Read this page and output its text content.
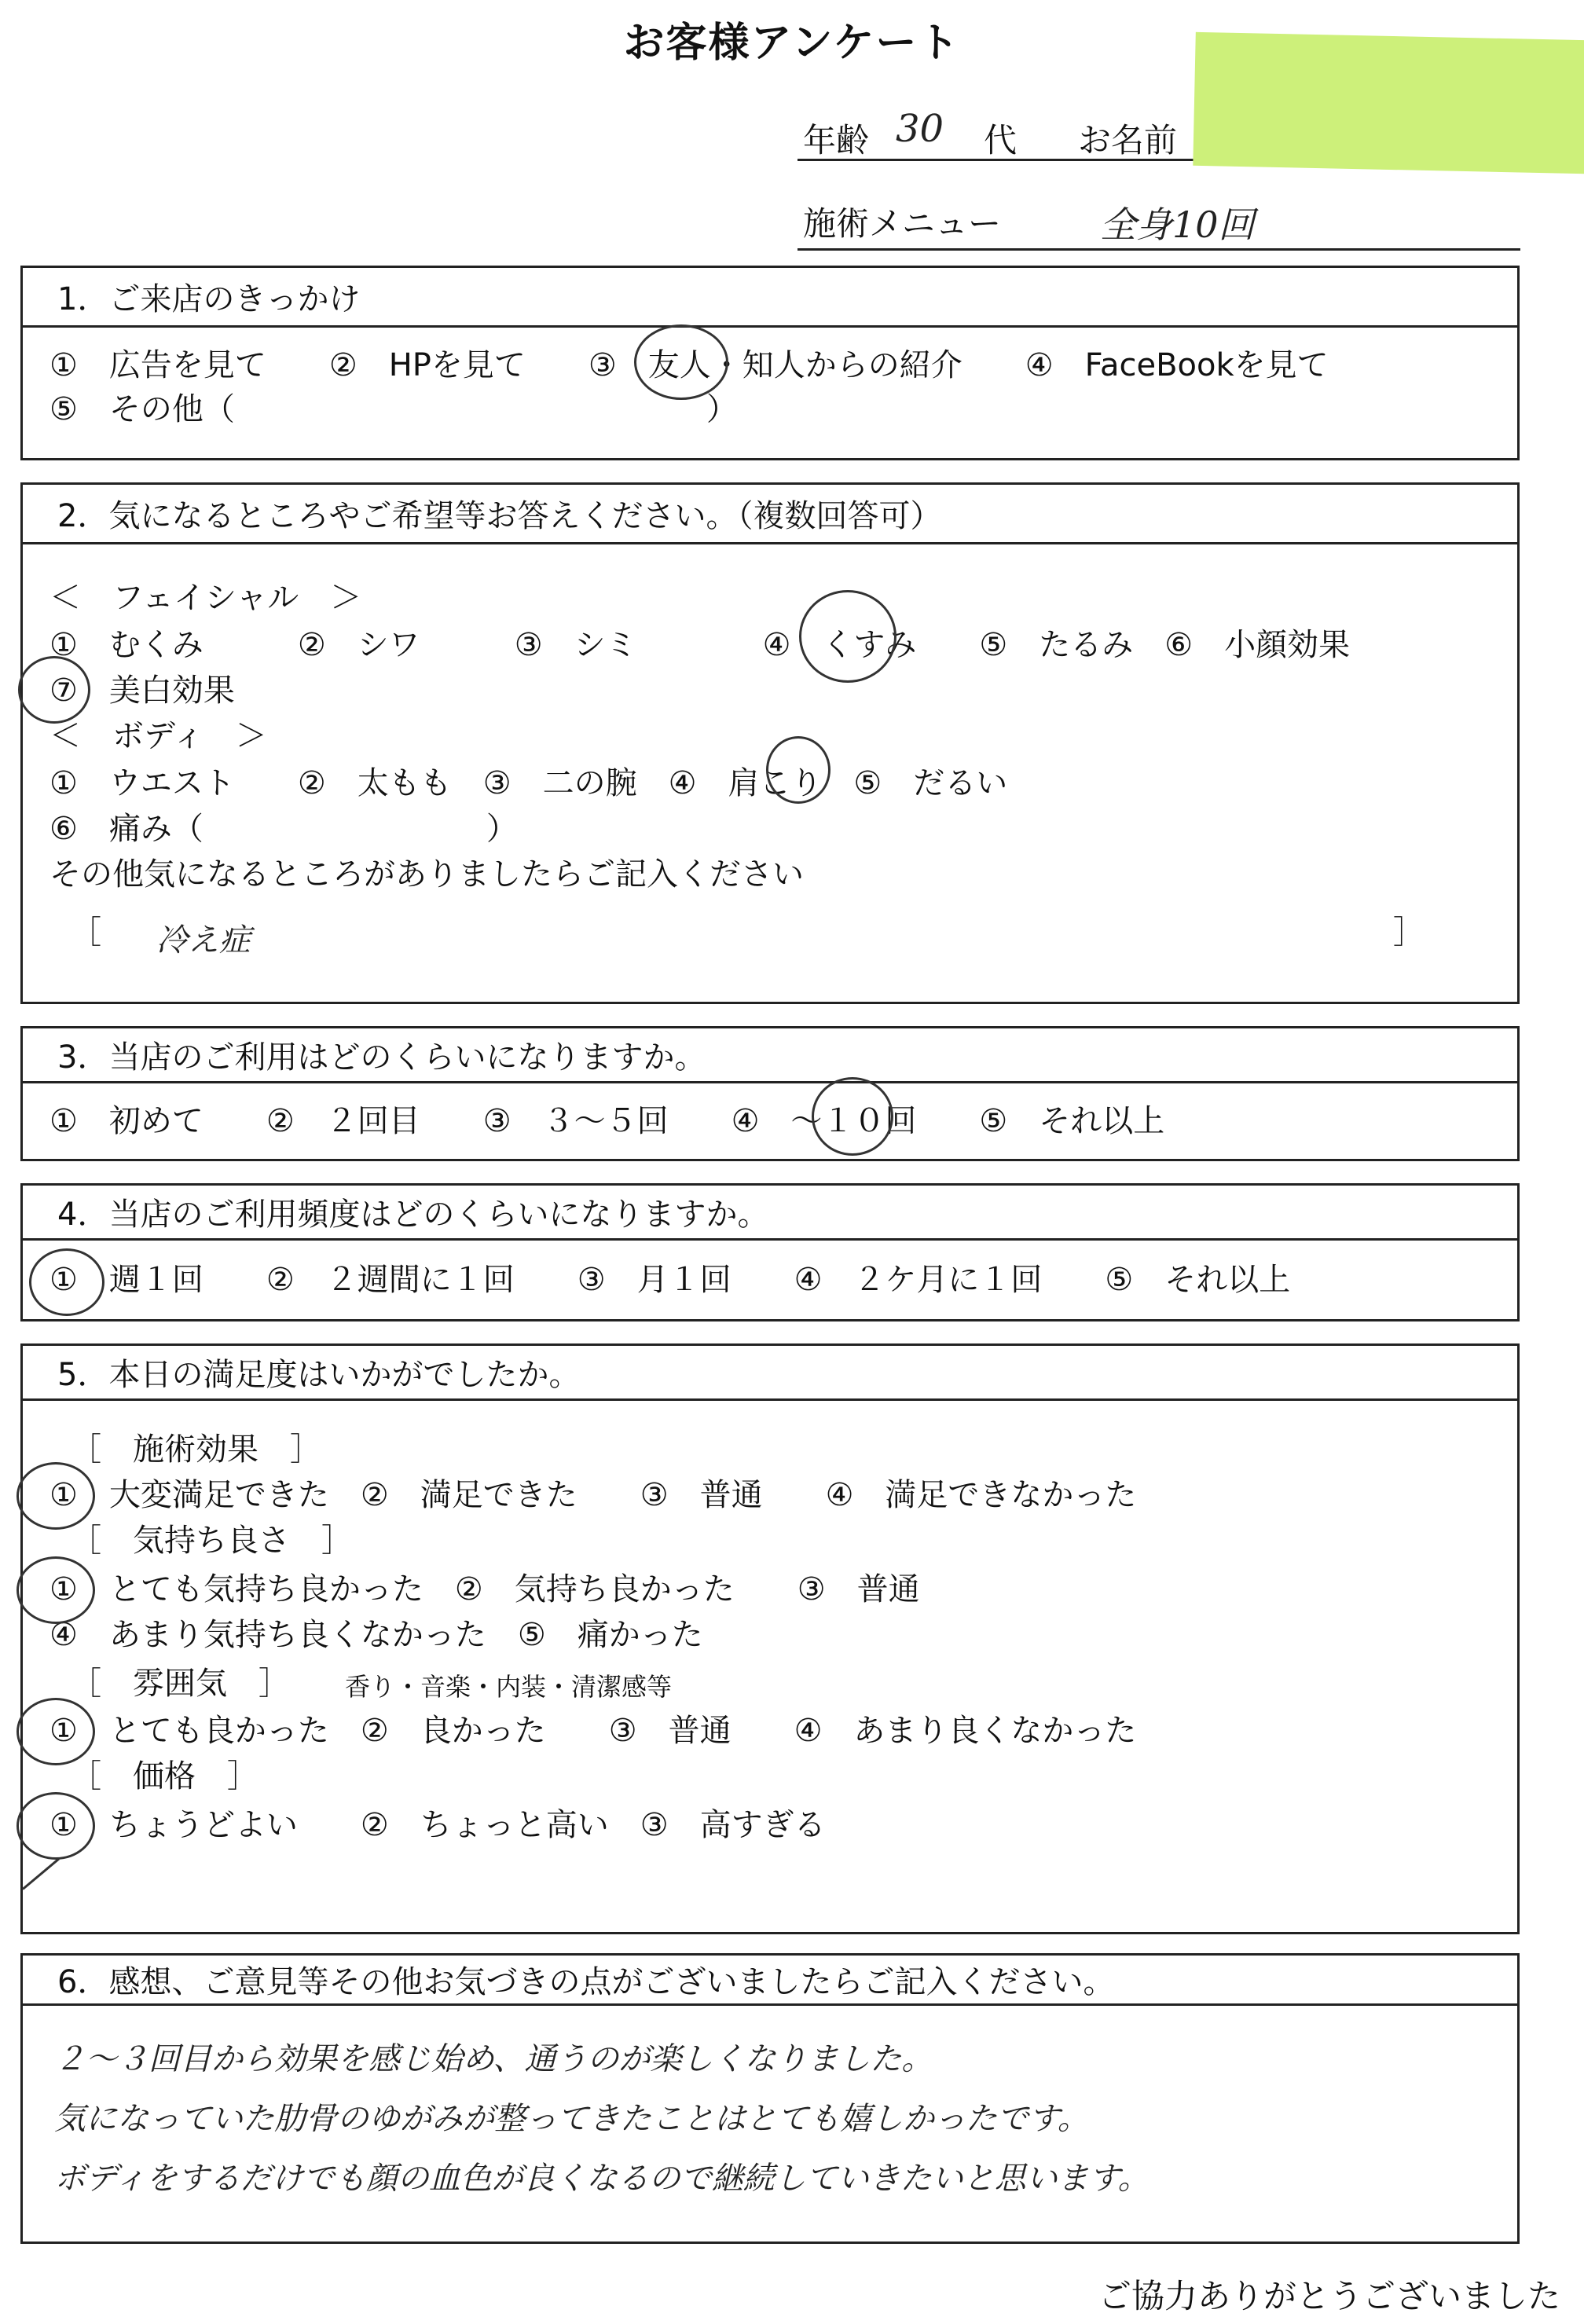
お客様アンケート
年齢 30 代 お名前
施術メニュー	全身10回
1．ご来店のきっかけ
①　広告を見て　　②　HPを見て　　③　友人・知人からの紹介　　④　FaceBookを見て
⑤　その他（　　　　　　　　　　　　　　　）
2．気になるところやご希望等お答えください。（複数回答可）
＜　フェイシャル　＞
①　むくみ　　　②　シワ　　　③　シミ　　　　④　くすみ　　⑤　たるみ　⑥　小顔効果
⑦　美白効果
＜　ボディ　＞
①　ウエスト　　②　太もも　③　二の腕　④　肩こり　⑤　だるい
⑥　痛み（　　　　　　　　　）
その他気になるところがありましたらご記入ください
［ 冷え症	］
3．当店のご利用はどのくらいになりますか。
①　初めて　　②　２回目　　③　３～５回　　④　～１０回　　⑤　それ以上
4．当店のご利用頻度はどのくらいになりますか。
①　週１回　　②　２週間に１回　　③　月１回　　④　２ケ月に１回　　⑤　それ以上
5．本日の満足度はいかがでしたか。
［　施術効果　］
①　大変満足できた　②　満足できた　　③　普通　　④　満足できなかった
［　気持ち良さ　］
①　とても気持ち良かった　②　気持ち良かった　　③　普通
④　あまり気持ち良くなかった　⑤　痛かった
［　雰囲気　］ 香り・音楽・内装・清潔感等
①　とても良かった　②　良かった　　③　普通　　④　あまり良くなかった
［　価格　］
①　ちょうどよい　　②　ちょっと高い　③　高すぎる
6．感想、ご意見等その他お気づきの点がございましたらご記入ください。
２～３回目から効果を感じ始め、通うのが楽しくなりました。
気になっていた肋骨のゆがみが整ってきたことはとても嬉しかったです。
ボディをするだけでも顔の血色が良くなるので継続していきたいと思います。
ご協力ありがとうございました
